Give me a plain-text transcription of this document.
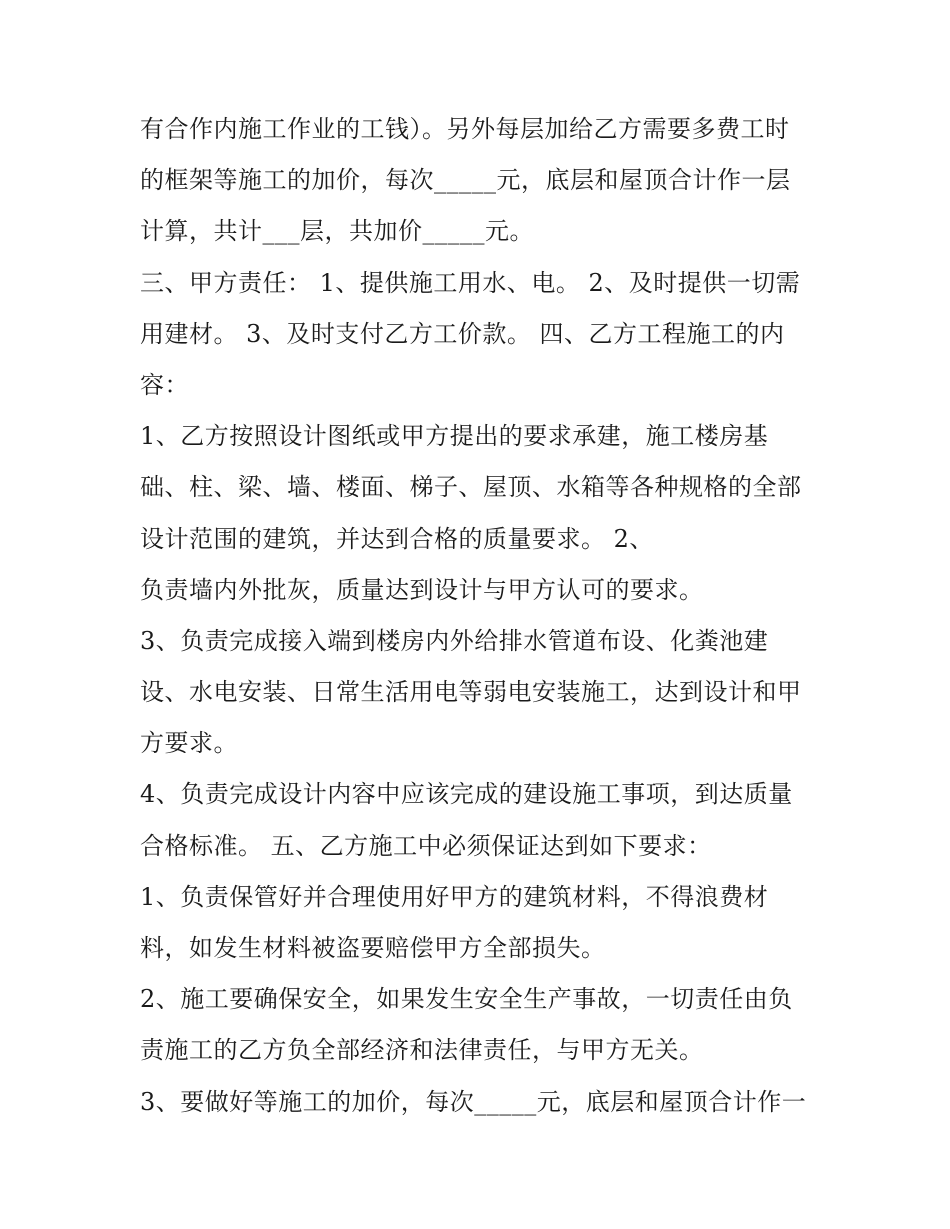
有合作内施工作业的工钱）。另外每层加给乙方需要多费工时
的框架等施工的加价，每次_____元，底层和屋顶合计作一层
计算，共计___层，共加价_____元。
三、甲方责任： 1、提供施工用水、电。 2、及时提供一切需
用建材。 3、及时支付乙方工价款。 四、乙方工程施工的内
容：
1、乙方按照设计图纸或甲方提出的要求承建，施工楼房基
础、柱、梁、墙、楼面、梯子、屋顶、水箱等各种规格的全部
设计范围的建筑，并达到合格的质量要求。 2、
负责墙内外批灰，质量达到设计与甲方认可的要求。
3、负责完成接入端到楼房内外给排水管道布设、化粪池建
设、水电安装、日常生活用电等弱电安装施工，达到设计和甲
方要求。
4、负责完成设计内容中应该完成的建设施工事项，到达质量
合格标准。 五、乙方施工中必须保证达到如下要求：
1、负责保管好并合理使用好甲方的建筑材料，不得浪费材
料，如发生材料被盗要赔偿甲方全部损失。
2、施工要确保安全，如果发生安全生产事故，一切责任由负
责施工的乙方负全部经济和法律责任，与甲方无关。
3、要做好等施工的加价，每次_____元，底层和屋顶合计作一
